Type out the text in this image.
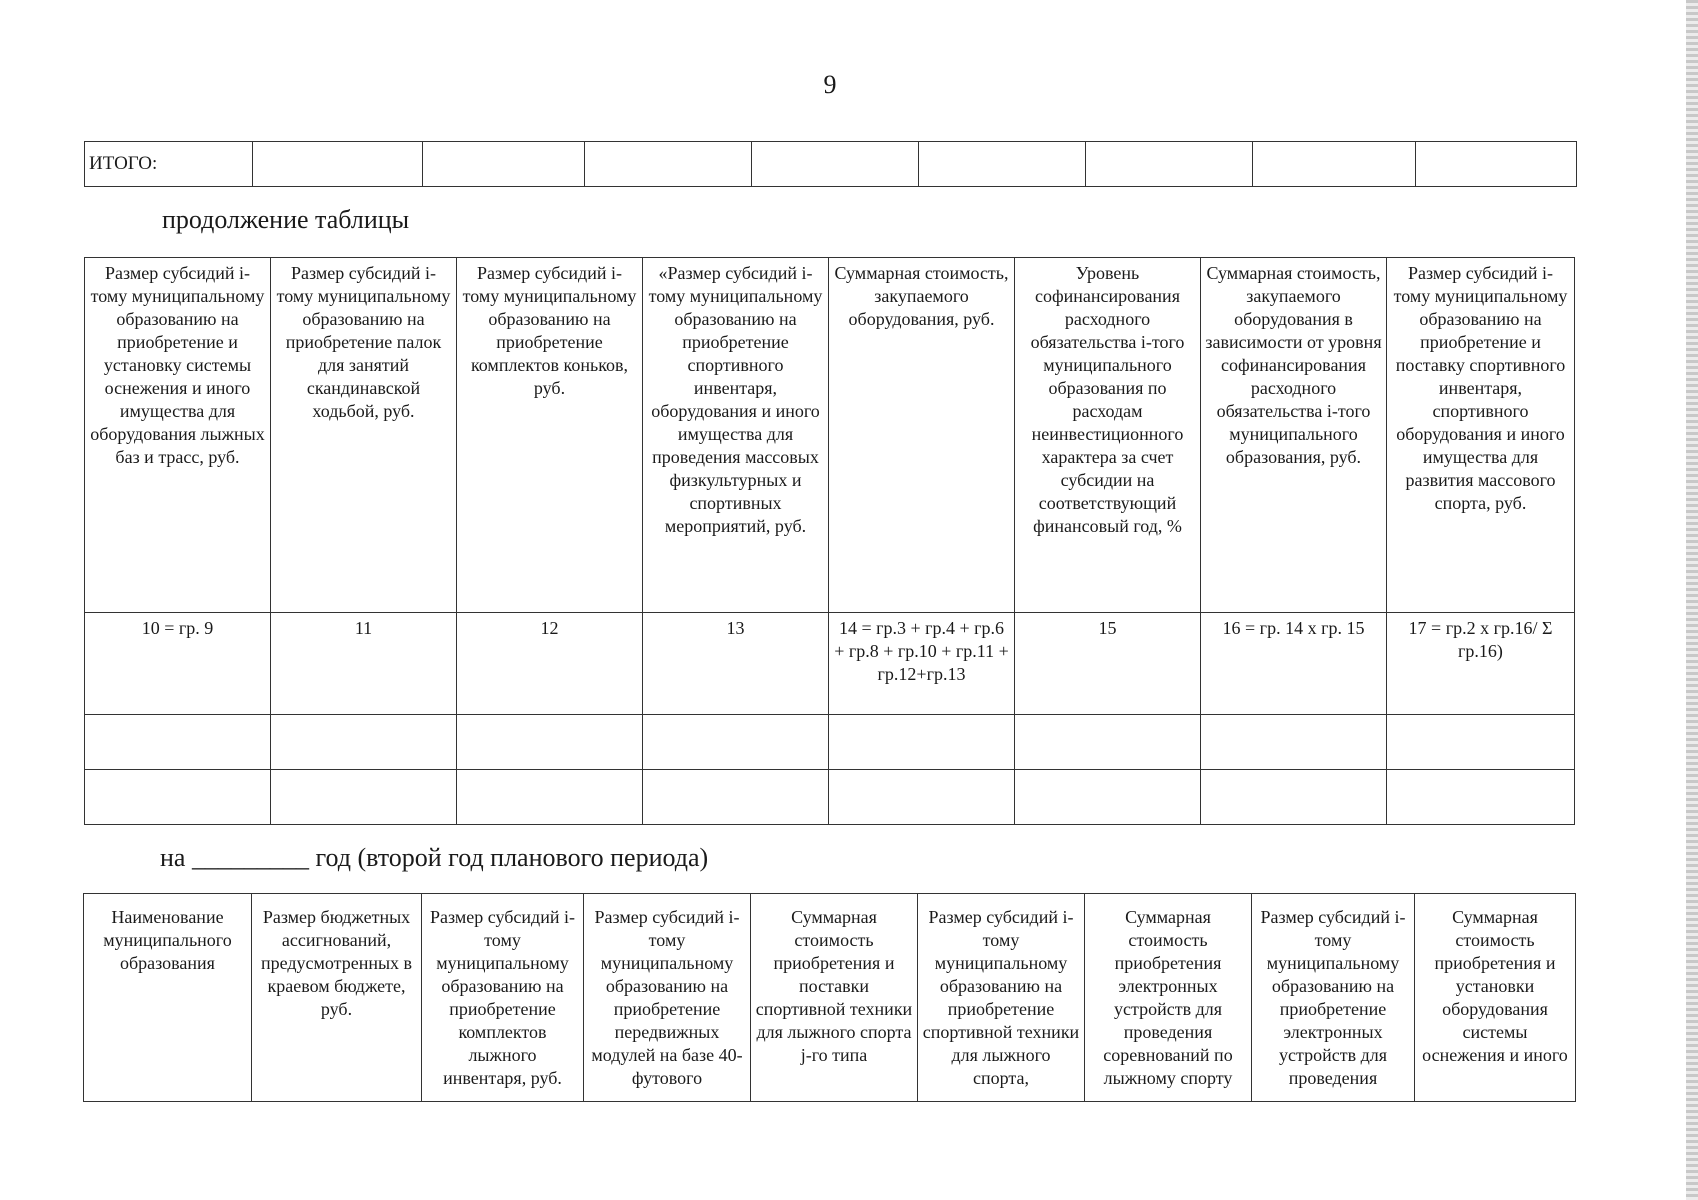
9
ИТОГО:								
продолжение таблицы
Размер субсидий i-тому муниципальному образованию на приобретение и установку системы оснежения и иного имущества для оборудования лыжных баз и трасс, руб.	Размер субсидий i-тому муниципальному образованию на приобретение палок для занятий скандинавской ходьбой, руб.	Размер субсидий i-тому муниципальному образованию на приобретение комплектов коньков, руб.	«Размер субсидий i-тому муниципальному образованию на приобретение спортивного инвентаря, оборудования и иного имущества для проведения массовых физкультурных и спортивных мероприятий, руб.	Суммарная стоимость, закупаемого оборудования, руб.	Уровень софинансирования расходного обязательства i-того муниципального образования по расходам неинвестиционного характера за счет субсидии на соответствующий финансовый год, %	Суммарная стоимость, закупаемого оборудования в зависимости от уровня софинансирования расходного обязательства i-того муниципального образования, руб.	Размер субсидий i-тому муниципальному образованию на приобретение и поставку спортивного инвентаря, спортивного оборудования и иного имущества для развития массового спорта, руб.
10 = гр. 9	11	12	13	14 = гр.3 + гр.4 + гр.6 + гр.8 + гр.10 + гр.11 + гр.12+гр.13	15	16 = гр. 14 х гр. 15	17 = гр.2 х гр.16/ Σ гр.16)

на _________ год (второй год планового периода)
Наименование муниципального образования	Размер бюджетных ассигнований, предусмотренных в краевом бюджете, руб.	Размер субсидий i-тому муниципальному образованию на приобретение комплектов лыжного инвентаря, руб.	Размер субсидий i-тому муниципальному образованию на приобретение передвижных модулей на базе 40-футового	Суммарная стоимость приобретения и поставки спортивной техники для лыжного спорта j-го типа	Размер субсидий i-тому муниципальному образованию на приобретение спортивной техники для лыжного спорта,	Суммарная стоимость приобретения электронных устройств для проведения соревнований по лыжному спорту	Размер субсидий i-тому муниципальному образованию на приобретение электронных устройств для проведения	Суммарная стоимость приобретения и установки оборудования системы оснежения и иного
